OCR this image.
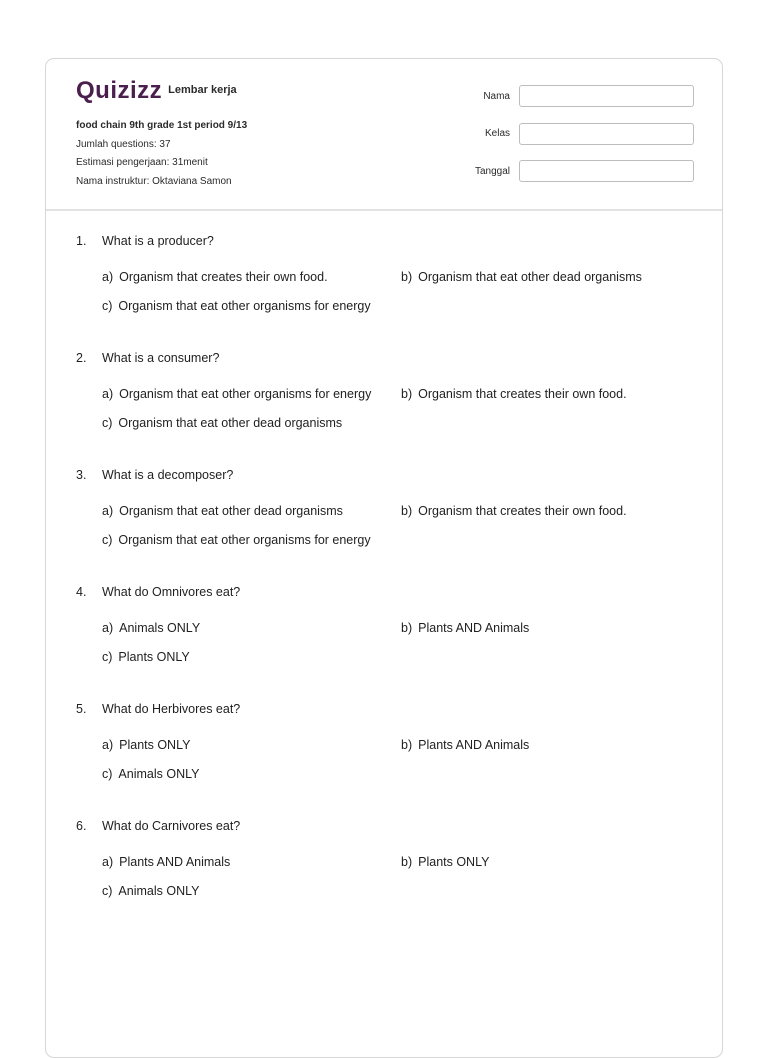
Quizizz Lembar kerja
food chain 9th grade 1st period 9/13
Jumlah questions: 37
Estimasi pengerjaan: 31menit
Nama instruktur: Oktaviana Samon
Nama
Kelas
Tanggal
1.	What is a producer?
a) Organism that creates their own food.	b) Organism that eat other dead organisms
c) Organism that eat other organisms for energy
2.	What is a consumer?
a) Organism that eat other organisms for energy b) Organism that creates their own food.
c) Organism that eat other dead organisms
3.	What is a decomposer?
a) Organism that eat other dead organisms	b) Organism that creates their own food.
c) Organism that eat other organisms for energy
4.	What do Omnivores eat?
a) Animals ONLY	b) Plants AND Animals
c) Plants ONLY
5.	What do Herbivores eat?
a) Plants ONLY	b) Plants AND Animals
c) Animals ONLY
6.	What do Carnivores eat?
a) Plants AND Animals	b) Plants ONLY
c) Animals ONLY
